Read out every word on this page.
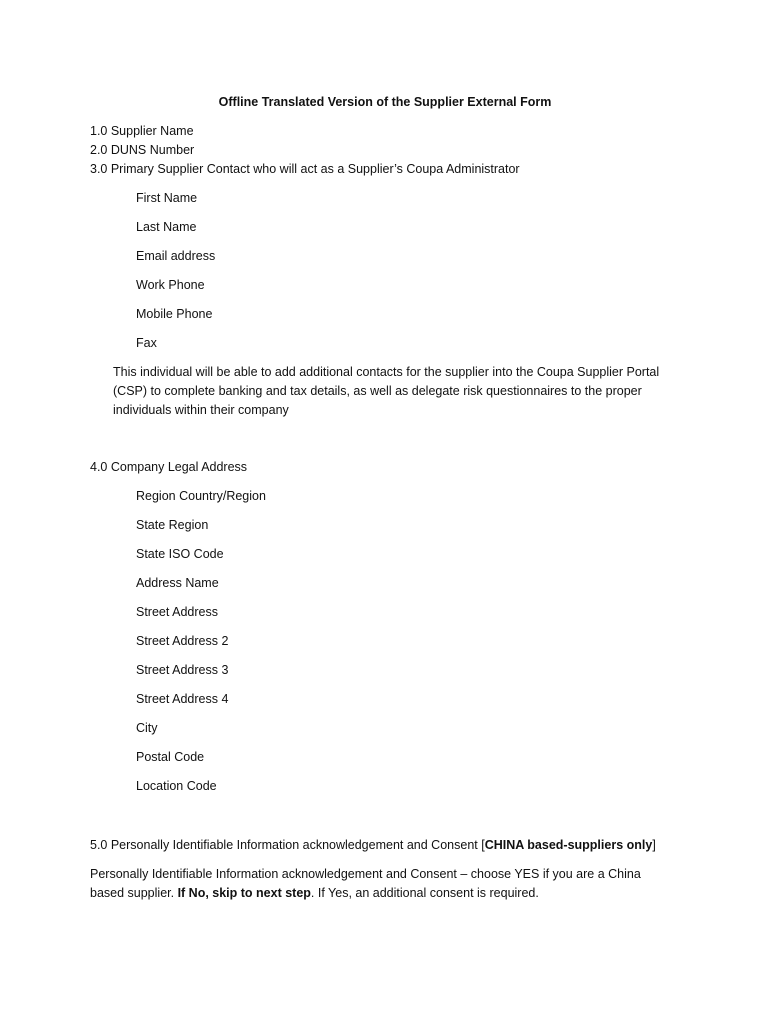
Offline Translated Version of the Supplier External Form
1.0 Supplier Name
2.0 DUNS Number
3.0 Primary Supplier Contact who will act as a Supplier’s Coupa Administrator
First Name
Last Name
Email address
Work Phone
Mobile Phone
Fax
This individual will be able to add additional contacts for the supplier into the Coupa Supplier Portal (CSP) to complete banking and tax details, as well as delegate risk questionnaires to the proper individuals within their company
4.0 Company Legal Address
Region Country/Region
State Region
State ISO Code
Address Name
Street Address
Street Address 2
Street Address 3
Street Address 4
City
Postal Code
Location Code
5.0 Personally Identifiable Information acknowledgement and Consent [CHINA based-suppliers only]
Personally Identifiable Information acknowledgement and Consent – choose YES if you are a China based supplier. If No, skip to next step. If Yes, an additional consent is required.
